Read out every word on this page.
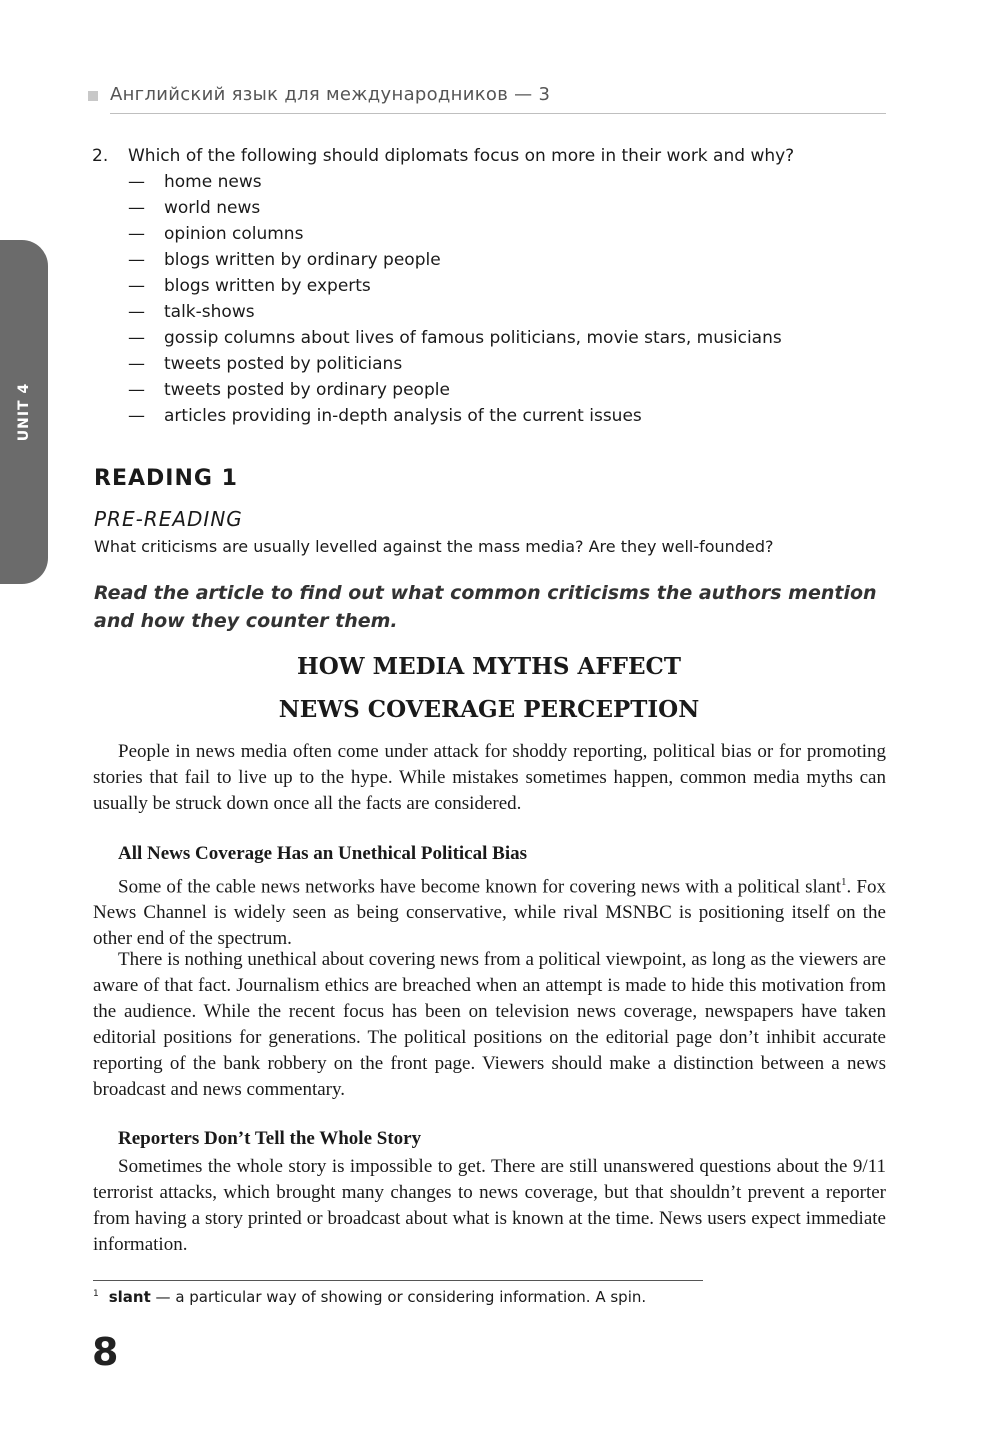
Английский язык для международников — 3
UNIT 4
2. Which of the following should diplomats focus on more in their work and why?
— home news
— world news
— opinion columns
— blogs written by ordinary people
— blogs written by experts
— talk-shows
— gossip columns about lives of famous politicians, movie stars, musicians
— tweets posted by politicians
— tweets posted by ordinary people
— articles providing in-depth analysis of the current issues
READING 1
PRE-READING
What criticisms are usually levelled against the mass media? Are they well-founded?
Read the article to find out what common criticisms the authors mention and how they counter them.
HOW MEDIA MYTHS AFFECT
NEWS COVERAGE PERCEPTION

People in news media often come under attack for shoddy reporting, political bias or for promoting stories that fail to live up to the hype. While mistakes sometimes happen, common media myths can usually be struck down once all the facts are considered.

All News Coverage Has an Unethical Political Bias

Some of the cable news networks have become known for covering news with a political slant$^1$. Fox News Channel is widely seen as being conservative, while rival MSNBC is positioning itself on the other end of the spectrum.

There is nothing unethical about covering news from a political viewpoint, as long as the viewers are aware of that fact. Journalism ethics are breached when an attempt is made to hide this motivation from the audience. While the recent focus has been on television news coverage, newspapers have taken editorial positions for generations. The political positions on the editorial page don’t inhibit accurate reporting of the bank robbery on the front page. Viewers should make a distinction between a news broadcast and news commentary.

Reporters Don’t Tell the Whole Story

Sometimes the whole story is impossible to get. There are still unanswered questions about the 9/11 terrorist attacks, which brought many changes to news coverage, but that shouldn’t prevent a reporter from having a story printed or broadcast about what is known at the time. News users expect immediate information.

$^1$ slant — a particular way of showing or considering information. A spin.
8
